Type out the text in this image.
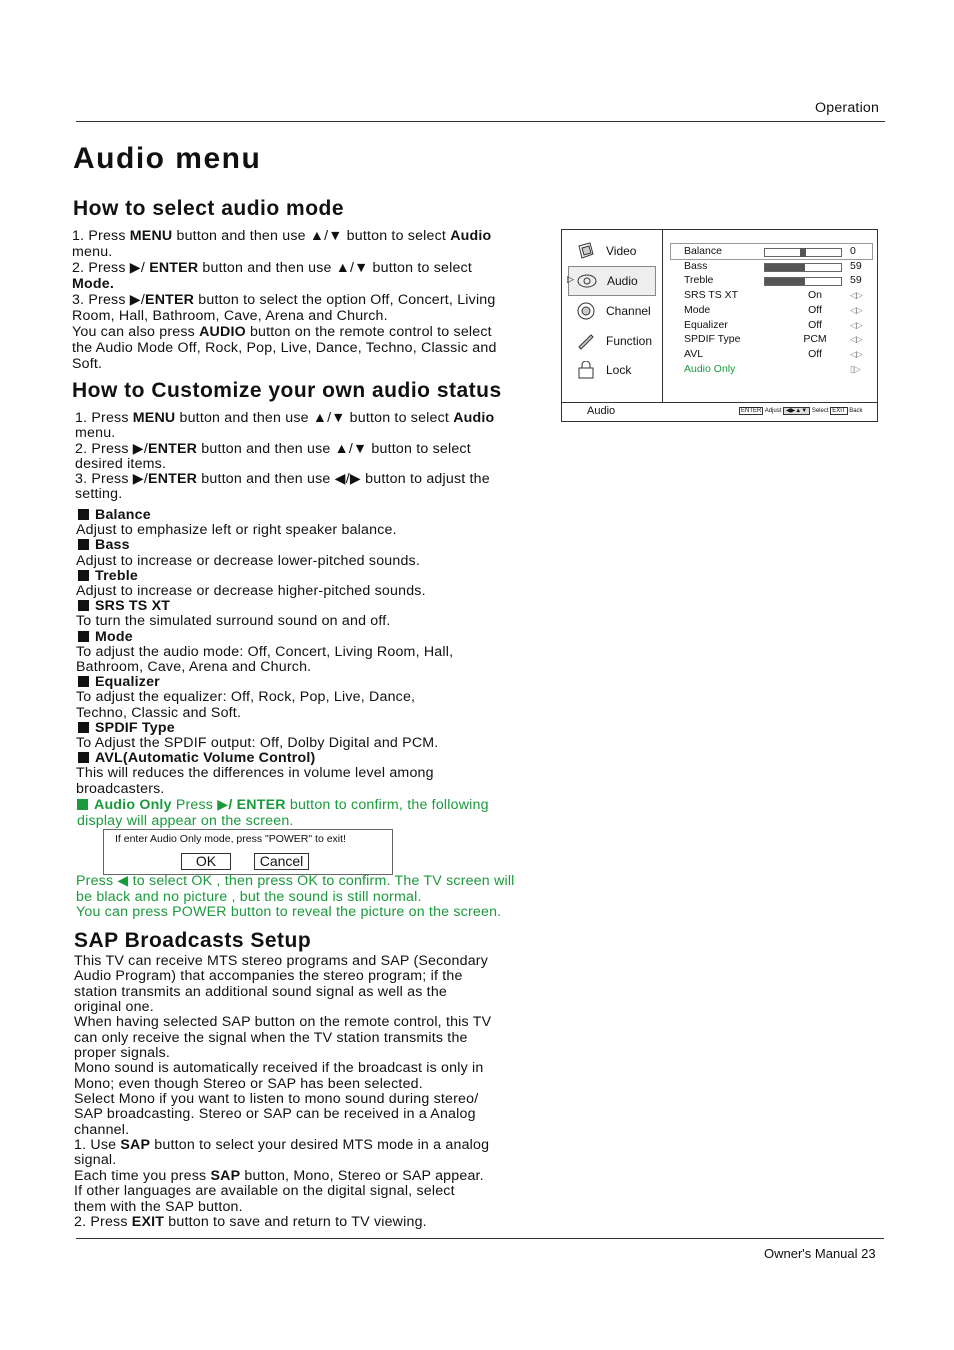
Operation
Audio menu
How to select audio mode
1. Press MENU button and then use ▲/▼ button to select Audio
menu.
2. Press ▶/ ENTER button and then use ▲/▼ button to select
Mode.
3. Press ▶/ENTER button to select the option Off, Concert, Living
Room, Hall, Bathroom, Cave, Arena and Church.
You can also press AUDIO button on the remote control to select
the Audio Mode Off, Rock, Pop, Live, Dance, Techno, Classic and
Soft.
How to Customize your own audio status
1. Press MENU button and then use ▲/▼ button to select Audio
menu.
2. Press ▶/ENTER button and then use ▲/▼ button to select
desired items.
3. Press ▶/ENTER button and then use ◀/▶ button to adjust the
setting.
Balance
Adjust to emphasize left or right speaker balance.
Bass
Adjust to increase or decrease lower-pitched sounds.
Treble
Adjust to increase or decrease higher-pitched sounds.
SRS TS XT
To turn the simulated surround sound on and off.
Mode
To adjust the audio mode: Off, Concert, Living Room, Hall,
Bathroom, Cave, Arena and Church.
Equalizer
To adjust the equalizer: Off, Rock, Pop, Live, Dance,
Techno, Classic and Soft.
SPDIF Type
To Adjust the SPDIF output: Off, Dolby Digital and PCM.
AVL(Automatic Volume Control)
This will reduces the differences in volume level among
broadcasters.
Audio Only Press ▶/ ENTER button to confirm, the following
display will appear on the screen.
If enter Audio Only mode, press "POWER" to exit!
OK	Cancel
Press ◀ to select OK , then press OK to confirm. The TV screen will
be black and no picture , but the sound is still normal.
You can press POWER button to reveal the picture on the screen.
SAP Broadcasts Setup
This TV can receive MTS stereo programs and SAP (Secondary
Audio Program) that accompanies the stereo program; if the
station transmits an additional sound signal as well as the
original one.
When having selected SAP button on the remote control, this TV
can only receive the signal when the TV station transmits the
proper signals.
Mono sound is automatically received if the broadcast is only in
Mono; even though Stereo or SAP has been selected.
Select Mono if you want to listen to mono sound during stereo/
SAP broadcasting. Stereo or SAP can be received in a Analog
channel.
1. Use SAP button to select your desired MTS mode in a analog
signal.
Each time you press SAP button, Mono, Stereo or SAP appear.
If other languages are available on the digital signal, select
them with the SAP button.
2. Press EXIT button to save and return to TV viewing.
Owner's Manual 23
Video
Audio
▷
Channel
Function
Lock
Balance	0
Bass	59
Treble	59
SRS TS XT	On	◁▷
Mode	Off	◁▷
Equalizer	Off	◁▷
SPDIF Type	PCM	◁▷
AVL	Off	◁▷
Audio Only	▯▷
Audio	ENTER Adjust ◀▶▲▼ Select EXIT Back
